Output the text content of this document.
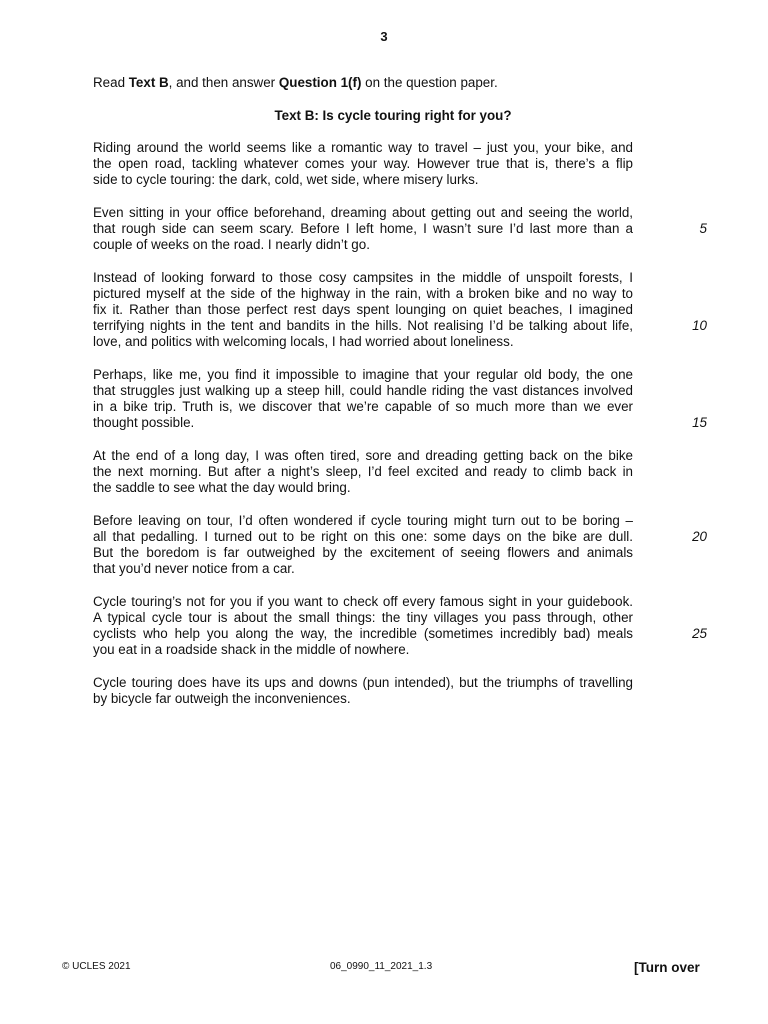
3
Read Text B, and then answer Question 1(f) on the question paper.
Text B: Is cycle touring right for you?
Riding around the world seems like a romantic way to travel – just you, your bike, and
the open road, tackling whatever comes your way. However true that is, there’s a flip
side to cycle touring: the dark, cold, wet side, where misery lurks.
Even sitting in your office beforehand, dreaming about getting out and seeing the world,
that rough side can seem scary. Before I left home, I wasn’t sure I’d last more than a
couple of weeks on the road. I nearly didn’t go.
Instead of looking forward to those cosy campsites in the middle of unspoilt forests, I
pictured myself at the side of the highway in the rain, with a broken bike and no way to
fix it. Rather than those perfect rest days spent lounging on quiet beaches, I imagined
terrifying nights in the tent and bandits in the hills. Not realising I’d be talking about life,
love, and politics with welcoming locals, I had worried about loneliness.
Perhaps, like me, you find it impossible to imagine that your regular old body, the one
that struggles just walking up a steep hill, could handle riding the vast distances involved
in a bike trip. Truth is, we discover that we’re capable of so much more than we ever
thought possible.
At the end of a long day, I was often tired, sore and dreading getting back on the bike
the next morning. But after a night’s sleep, I’d feel excited and ready to climb back in
the saddle to see what the day would bring.
Before leaving on tour, I’d often wondered if cycle touring might turn out to be boring –
all that pedalling. I turned out to be right on this one: some days on the bike are dull.
But the boredom is far outweighed by the excitement of seeing flowers and animals
that you’d never notice from a car.
Cycle touring’s not for you if you want to check off every famous sight in your guidebook.
A typical cycle tour is about the small things: the tiny villages you pass through, other
cyclists who help you along the way, the incredible (sometimes incredibly bad) meals
you eat in a roadside shack in the middle of nowhere.
Cycle touring does have its ups and downs (pun intended), but the triumphs of travelling
by bicycle far outweigh the inconveniences.
5
10
15
20
25
© UCLES 2021	06_0990_11_2021_1.3	[Turn over
